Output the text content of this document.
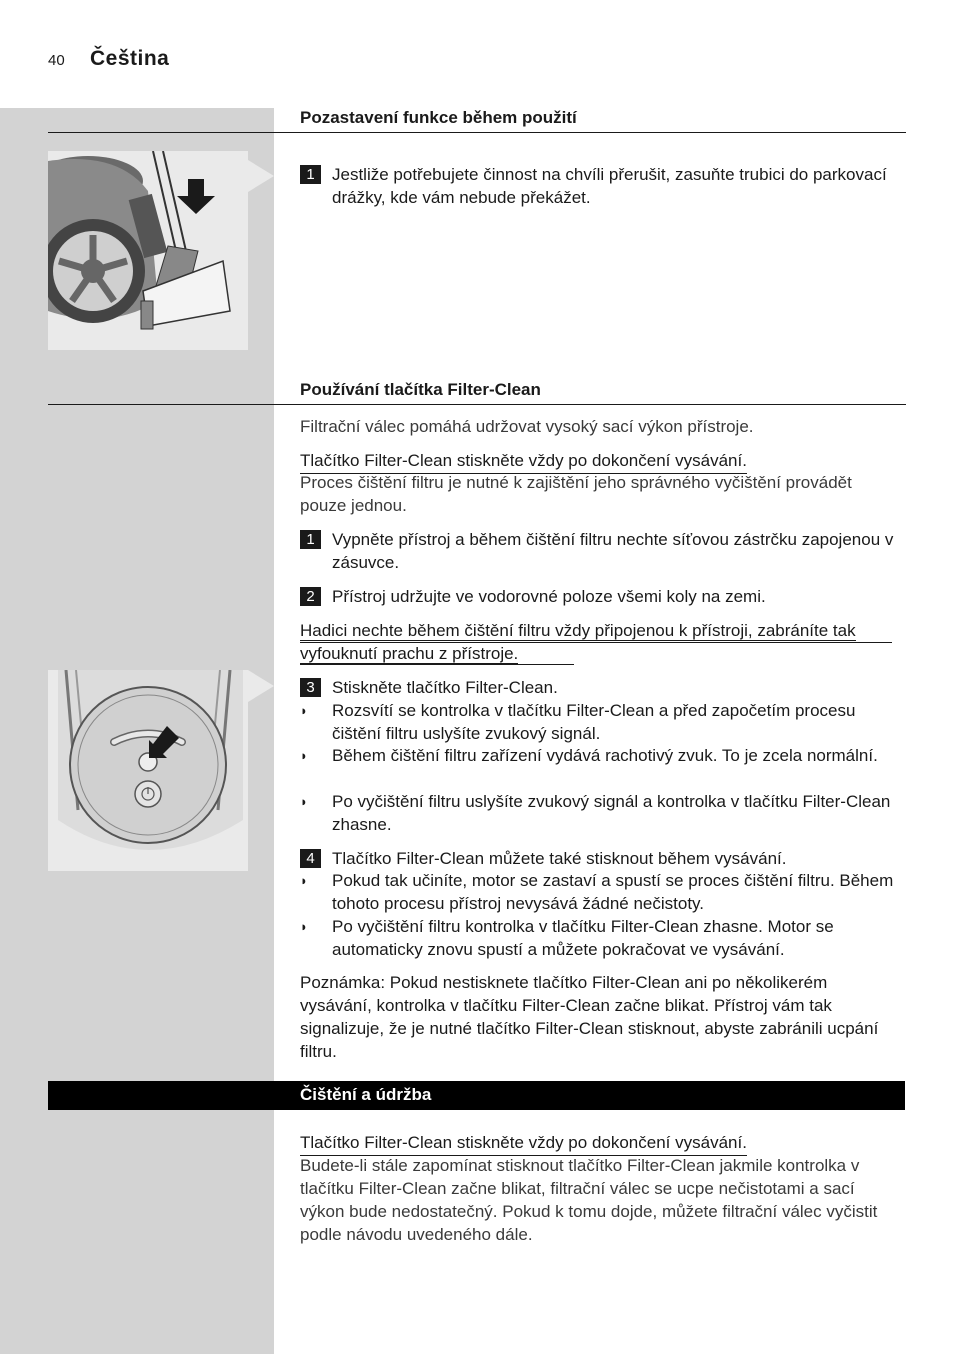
40 Čeština
Pozastavení funkce během použití
1	Jestliže potřebujete činnost na chvíli přerušit, zasuňte trubici do parkovací drážky, kde vám nebude překážet.
Používání tlačítka Filter-Clean

Filtrační válec pomáhá udržovat vysoký sací výkon přístroje.

Tlačítko Filter-Clean stiskněte vždy po dokončení vysávání.

Proces čištění filtru je nutné k zajištění jeho správného vyčištění provádět pouze jednou.

1	Vypněte přístroj a během čištění filtru nechte síťovou zástrčku zapojenou v zásuvce.
2	Přístroj udržujte ve vodorovné poloze všemi koly na zemi.
Hadici nechte během čištění filtru vždy připojenou k přístroji, zabráníte tak vyfouknutí prachu z přístroje.
3	Stiskněte tlačítko Filter-Clean.
◗	Rozsvítí se kontrolka v tlačítku Filter-Clean a před započetím procesu čištění filtru uslyšíte zvukový signál.
◗	Během čištění filtru zařízení vydává rachotivý zvuk. To je zcela normální.
◗	Po vyčištění filtru uslyšíte zvukový signál a kontrolka v tlačítku Filter-Clean zhasne.
4	Tlačítko Filter-Clean můžete také stisknout během vysávání.
◗	Pokud tak učiníte, motor se zastaví a spustí se proces čištění filtru. Během tohoto procesu přístroj nevysává žádné nečistoty.
◗	Po vyčištění filtru kontrolka v tlačítku Filter-Clean zhasne. Motor se automaticky znovu spustí a můžete pokračovat ve vysávání.

Poznámka: Pokud nestisknete tlačítko Filter-Clean ani po několikerém vysávání, kontrolka v tlačítku Filter-Clean začne blikat. Přístroj vám tak signalizuje, že je nutné tlačítko Filter-Clean stisknout, abyste zabránili ucpání filtru.

Čištění a údržba
Tlačítko Filter-Clean stiskněte vždy po dokončení vysávání.

Budete-li stále zapomínat stisknout tlačítko Filter-Clean jakmile kontrolka v tlačítku Filter-Clean začne blikat, filtrační válec se ucpe nečistotami a sací výkon bude nedostatečný. Pokud k tomu dojde, můžete filtrační válec vyčistit podle návodu uvedeného dále.
